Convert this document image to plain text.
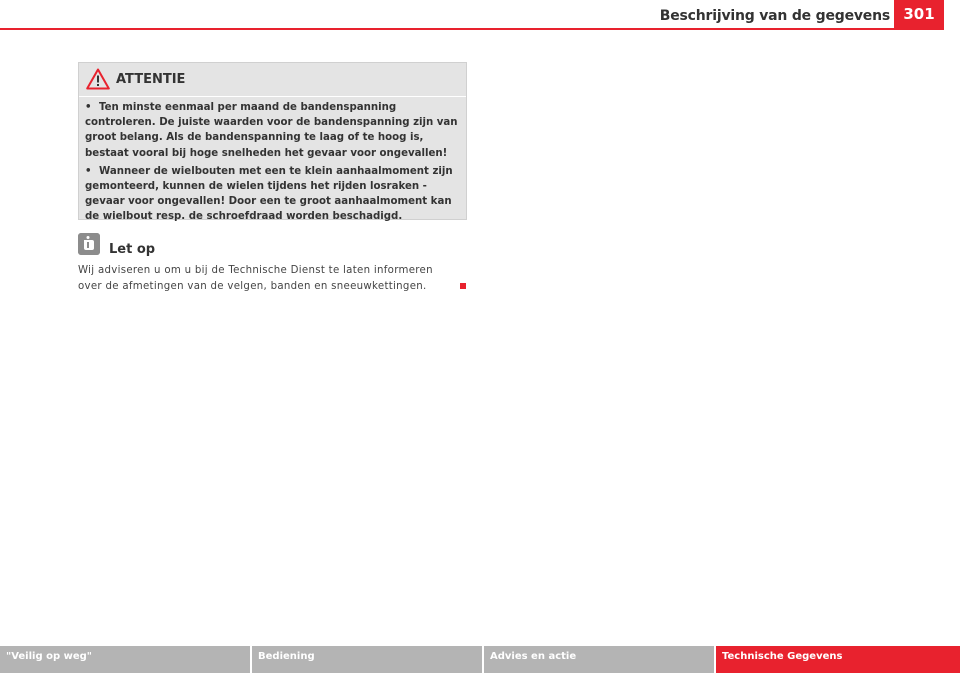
Beschrijving van de gegevens 301
ATTENTIE
• Ten minste eenmaal per maand de bandenspanning controleren. De juiste waarden voor de bandenspanning zijn van groot belang. Als de bandenspanning te laag of te hoog is, bestaat vooral bij hoge snelheden het gevaar voor ongevallen!
• Wanneer de wielbouten met een te klein aanhaalmoment zijn gemonteerd, kunnen de wielen tijdens het rijden losraken - gevaar voor ongevallen! Door een te groot aanhaalmoment kan de wielbout resp. de schroefdraad worden beschadigd.
Let op
Wij adviseren u om u bij de Technische Dienst te laten informeren over de afmetingen van de velgen, banden en sneeuwkettingen.
"Veilig op weg"	Bediening	Advies en actie	Technische Gegevens
